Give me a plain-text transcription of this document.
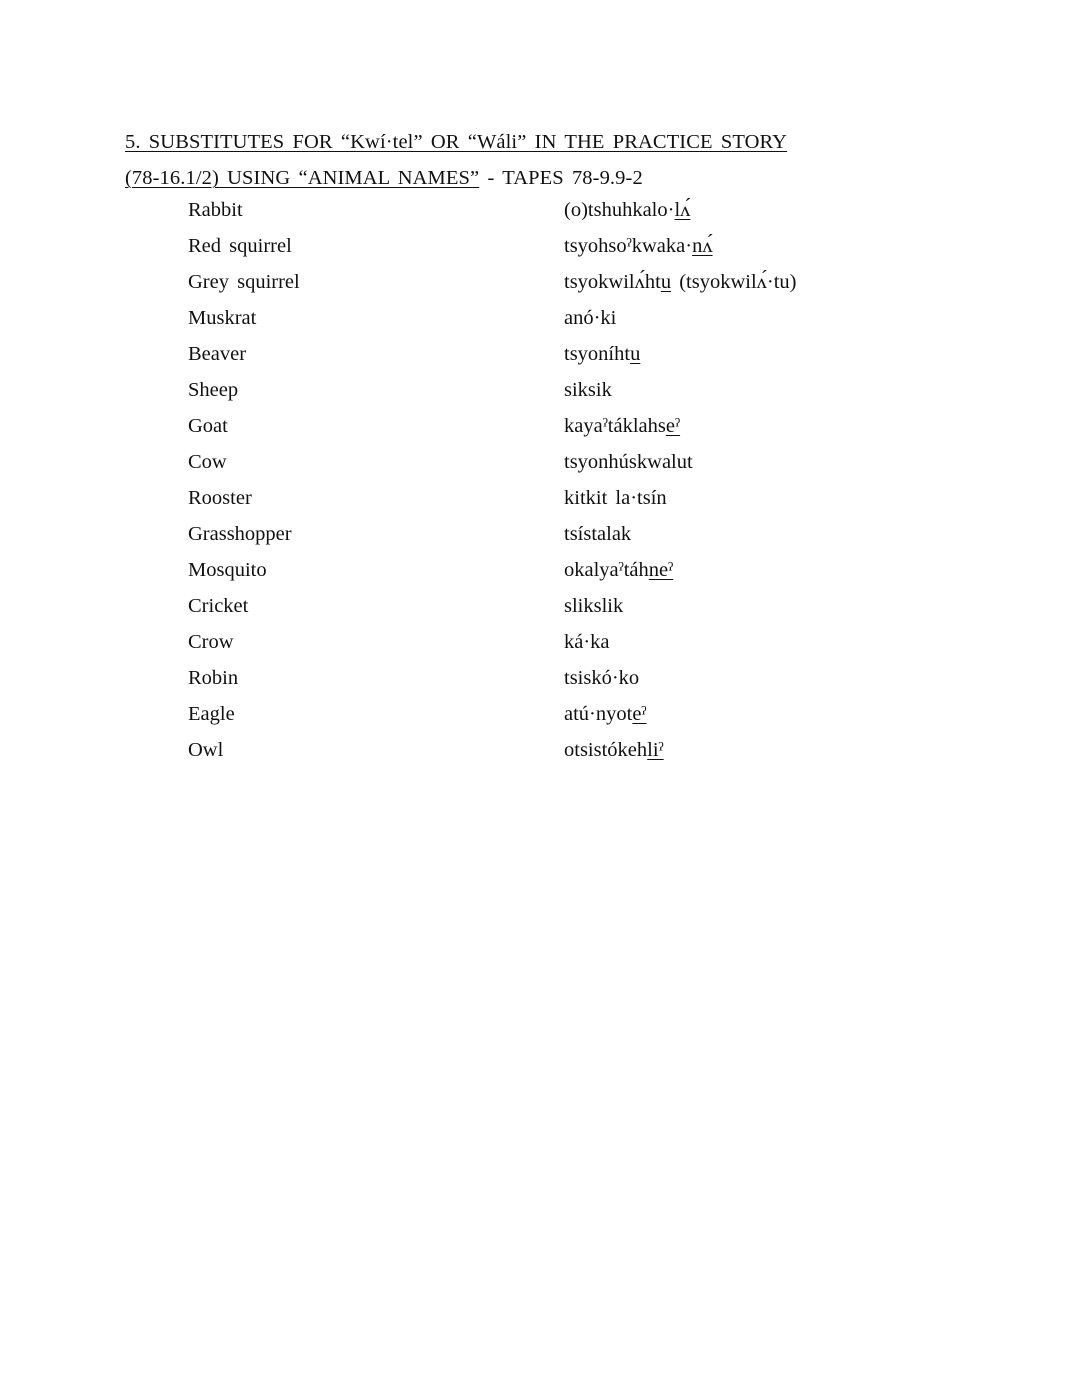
5. SUBSTITUTES FOR “Kwí·tel” OR “Wáli” IN THE PRACTICE STORY
(78-16.1/2) USING “ANIMAL NAMES” - TAPES 78-9.9-2
Rabbit	(o)tshuhkalo·lʌ́
Red squirrel	tsyohsoˀkwaka·nʌ́
Grey squirrel	tsyokwilʌ́htu (tsyokwilʌ́·tu)
Muskrat	anó·ki
Beaver	tsyoníhtu
Sheep	siksik
Goat	kayaˀtáklahseˀ
Cow	tsyonhúskwalut
Rooster	kitkit la·tsín
Grasshopper	tsístalak
Mosquito	okalyaˀtáhneˀ
Cricket	slikslik
Crow	ká·ka
Robin	tsiskó·ko
Eagle	atú·nyoteˀ
Owl	otsistókehliˀ
